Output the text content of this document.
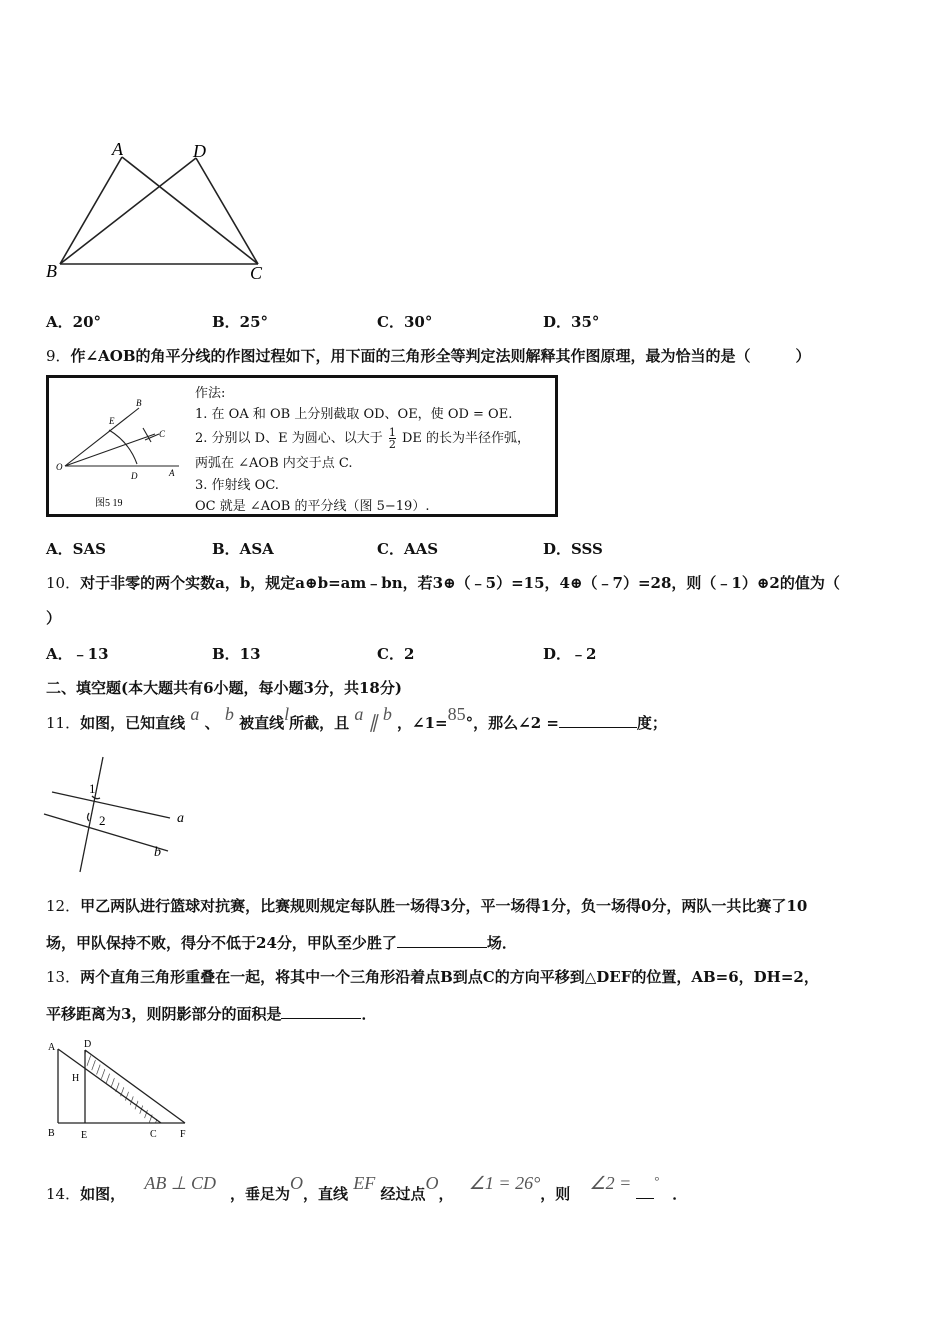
A	D
B	C
A．20°	B．25°	C．30°	D．35°
9．作∠AOB的角平分线的作图过程如下，用下面的三角形全等判定法则解释其作图原理，最为恰当的是（　　　）
B
E
C
O
D	A
图5 19
作法:
1. 在 OA 和 OB 上分别截取 OD、OE，使 OD = OE.
2. 分别以 D、E 为圆心、以大于 $\frac{1}{2}$ DE 的长为半径作弧，
两弧在 ∠AOB 内交于点 C.
3. 作射线 OC.
OC 就是 ∠AOB 的平分线（图 5−19）.
A．SAS	B．ASA	C．AAS	D．SSS
10．对于非零的两个实数a，b，规定a⊕b=am﹣bn，若3⊕（﹣5）=15，4⊕（﹣7）=28，则（﹣1）⊕2的值为（
）
A．﹣13	B．13	C．2	D．﹣2
二、填空题(本大题共有6小题，每小题3分，共18分)
11．如图，已知直线 a 、 b 被直线l所截，且 a ∥ b ，∠1=85°，那么∠2 =	度；
1
2	a
b
12．甲乙两队进行篮球对抗赛，比赛规则规定每队胜一场得3分，平一场得1分，负一场得0分，两队一共比赛了10
场，甲队保持不败，得分不低于24分，甲队至少胜了	场．
13．两个直角三角形重叠在一起，将其中一个三角形沿着点B到点C的方向平移到△DEF的位置，AB=6，DH=2，
平移距离为3，则阴影部分的面积是	．
A	D
H
B	E	C F
14．如图， AB ⊥ CD，垂足为O，直线 EF 经过点O， ∠1 = 26°，则 ∠2 = ° ．
